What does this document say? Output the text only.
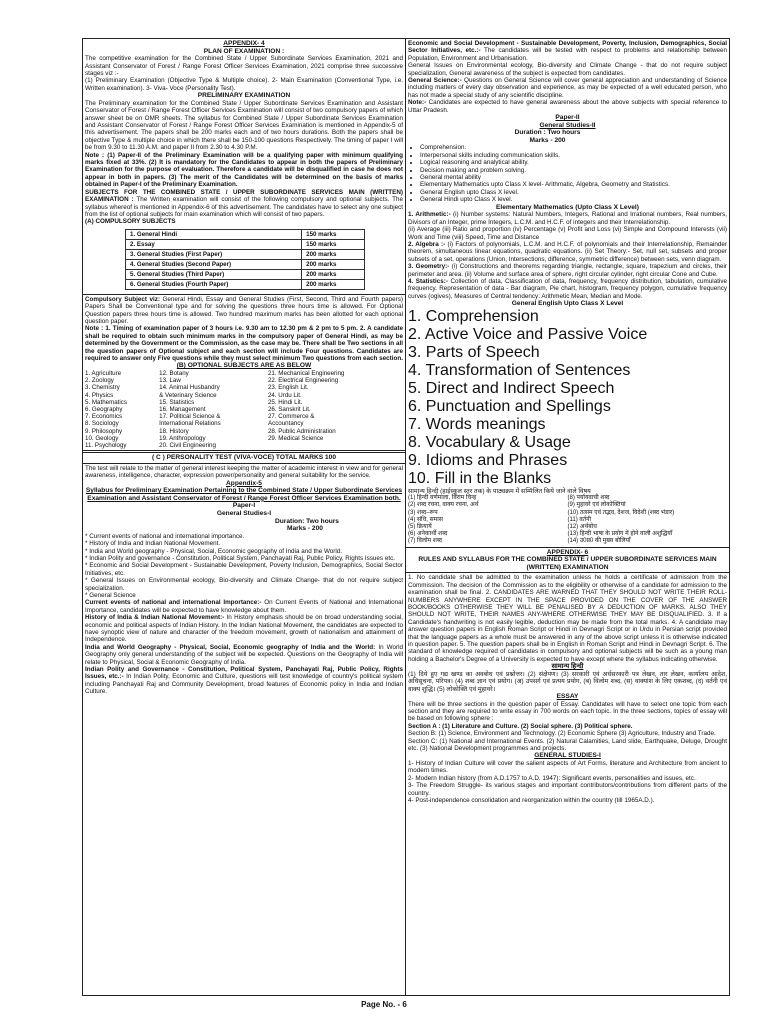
APPENDIX- 4
PLAN OF EXAMINATION :

The competitive examination for the Combined State / Upper Subordinate Services Examination, 2021 and Assistant Conservator of Forest / Range Forest Officer Services Examination, 2021 comprise three successive stages viz :-

(1) Preliminary Examination (Objective Type & Multiple choice). 2- Main Examination (Conventional Type, i.e. Written examination). 3- Viva- Voce (Personality Test).

PRELIMINARY EXAMINATION

The Preliminary examination for the Combined State / Upper Subordinate Services Examination and Assistant Conservator of Forest / Range Forest Officer Services Examination will consist of two compulsory papers of which answer sheet be on OMR sheets. The syllabus for Combined State / Upper Subordinate Services Examination and Assistant Conservator of Forest / Range Forest Officer Services Examination is mentioned in Appendix-5 of this advertisement. The papers shall be 200 marks each and of two hours durations. Both the papers shall be objective Type & multiple choice in which there shall be 150-100 questions Respectively. The timing of paper I will be from 9.30 to 11.30 A.M. and paper II from 2.30 to 4.30 P.M.

Note : (1) Paper-II of the Preliminary Examination will be a qualifying paper with minimum qualifying marks fixed at 33%. (2) It is mandatory for the Candidates to appear in both the papers of Preliminary Examination for the purpose of evaluation. Therefore a candidate will be disqualified in case he does not appear in both in papers. (3) The merit of the Candidates will be determined on the basis of marks obtained in Paper-I of the Preliminary Examination.

SUBJECTS FOR THE COMBINED STATE / UPPER SUBORDINATE SERVICES MAIN (WRITTEN) EXAMINATION : The Written examination will consist of the following compulsory and optional subjects. The syllabus whereof is mentioned in Appendix-6 of this advertisement. The candidates have to select any one subject from the list of optional subjects for main examination which will consist of two papers.

(A) COMPULSORY SUBJECTS

1. General Hindi	150 marks
2. Essay	150 marks
3. General Studies (First Paper)	200 marks
4. General Studies (Second Paper)	200 marks
5. General Studies (Third Paper)	200 marks
6. General Studies (Fourth Paper)	200 marks

Compulsory Subject viz: General Hindi, Essay and General Studies (First, Second, Third and Fourth papers) Papers Shall be Conventional type and for solving the questions three hours time is allowed. For Optional Question papers three hours time is allowed. Two hundred maximum marks has been allotted for each optional question paper.

Note : 1. Timing of examination paper of 3 hours i.e. 9.30 am to 12.30 pm & 2 pm to 5 pm. 2. A candidate shall be required to obtain such minimum marks in the compulsory paper of General Hindi, as may be determined by the Government or the Commission, as the case may be. There shall be Two sections in all the question papers of Optional subject and each section will include Four questions. Candidates are required to answer only Five questions while they must select minimum Two questions from each section.

(B) OPTIONAL SUBJECTS ARE AS BELOW
1. Agriculture	12. Botany	21. Mechanical Engineering
2. Zoology	13. Law	22. Electrical Engineering
3. Chemistry	14. Animal Husbandry	23. English Lit.
4. Physics	& Veterinary Science	24. Urdu Lit.
5. Mathematics	15. Statistics	25. Hindi Lit.
6. Geography	16. Management	26. Sanskrit Lit.
7. Economics	17. Political Science &	27. Commerce &
8. Sociology	International Relations	Accountancy
9. Philosophy	18. History	28. Public Administration
10. Geology	19. Anthropology	29. Medical Science
11. Psychology	20. Civil Engineering	
( C ) PERSONALITY TEST (VIVA-VOCE) TOTAL MARKS 100

The test will relate to the matter of general interest keeping the matter of academic interest in view and for general awareness, intelligence, character, expression power/personality and general suitability for the service.

Appendix-5
Syllabus for Preliminary Examination Pertaining to the Combined State / Upper Subordinate Services Examination and Assistant Conservator of Forest / Range Forest Officer Services Examination both.
Paper-I
General Studies-I
Duration: Two hours
Marks - 200

* Current events of national and international importance.

* History of India and Indian National Movement.

* India and World geography - Physical, Social, Economic geography of India and the World.

* Indian Polity and governance - Constitution, Political System, Panchayati Raj, Public Policy, Rights Issues etc.

* Economic and Social Development - Sustainable Development, Poverty Inclusion, Demographics, Social Sector Initiatives, etc.

* General Issues on Environmental ecology, Bio-diversity and Climate Change- that do not require subject specialization.

* General Science

Current events of national and international Importance:- On Current Events of National and International Importance, candidates will be expected to have knowledge about them.

History of India & Indian National Movement:- In History emphasis should be on broad understanding social, economic and political aspects of Indian History. In the Indian National Movement, the candidates are expected to have synoptic view of nature and character of the freedom movement, growth of nationalism and attainment of Independence.

India and World Geography - Physical, Social, Economic geography of India and the World: In World Geography only general understanding of the subject will be expected. Questions on the Geography of India will relate to Physical, Social & Economic Geography of India.

Indian Polity and Governance - Constitution, Political System, Panchayati Raj, Public Policy, Rights Issues, etc.:- In Indian Polity, Economic and Culture, questions will test knowledge of country's political system including Panchayati Raj and Community Development, broad features of Economic policy in India and Indian Culture.

Economic and Social Development - Sustainable Development, Poverty, Inclusion, Demographics, Social Sector Initiatives, etc.:- The candidates will be tested with respect to problems and relationship between Population, Environment and Urbanisation.

General Issues on Environmental ecology, Bio-diversity and Climate Change - that do not require subject specialization, General awareness of the subject is expected from candidates.

General Science:- Questions on General Science will cover general appreciation and understanding of Science including matters of every day observation and experience, as may be expected of a well educated person, who has not made a special study of any scientific discipline.

Note:- Candidates are expected to have general awareness about the above subjects with special reference to Uttar Pradesh.

Paper-II
General Studies-II
Duration : Two hours
Marks - 200
• Comprehension.
• Interpersonal skills including communication skills.
• Logical reasoning and analytical ability.
• Decision making and problem solving.
• General mental ability
• Elementary Mathematics upto Class X level- Arithmatic, Algebra, Geometry and Statistics.
• General English upto Class X level.
• General Hindi upto Class X level.
Elementary Mathematics (Upto Class X Level)

1. Arithmetic:- (i) Number systems: Natural Numbers, Integers, Rational and Irrational numbers, Real numbers, Divisors of an Integer, prime Integers, L.C.M. and H.C.F. of integers and their Interrelationship.

(ii) Average (iii) Ratio and proportion (iv) Percentage (v) Profit and Loss (vi) Simple and Compound Interests (vii) Work and Time (viii) Speed, Time and Distance

2. Algebra :- (i) Factors of polynomials, L.C.M. and H.C.F. of polynomials and their Interrelationship, Remainder theorem, simultaneous linear equations, quadratic equations. (ii) Set Theory:- Set, null set, subsets and proper subsets of a set, operations (Union, Intersections, difference, symmetric difference) between sets, venn diagram.

3. Geometry:- (i) Constructions and theorems regarding triangle, rectangle, square, trapezium and circles, their perimeter and area. (ii) Volume and surface area of sphere, right circular cylinder, right circular Cone and Cube.

4. Statistics:- Collection of data, Classification of data, frequency, frequency distribution, tabulation, cumulative frequency. Representation of data - Bar diagram, Pie chart, histogram, frequency polygon, cumulative frequency curves (ogives), Measures of Central tendency: Arithmetic Mean, Median and Mode.

General English Upto Class X Level
1. Comprehension
2. Active Voice and Passive Voice
3. Parts of Speech
4. Transformation of Sentences
5. Direct and Indirect Speech
6. Punctuation and Spellings
7. Words meanings
8. Vocabulary & Usage
9. Idioms and Phrases
10. Fill in the Blanks
सामान्य हिन्दी (हाईस्कूल स्तर तक) के पाठ्यक्रम में सम्मिलित किये जाने वाले विषय
(1) हिन्दी वर्णमाला, विराम चिन्ह	(8) पर्यायवाची शब्द
(2) शब्द रचना, वाक्य रचना, अर्थ	(9) मुहावरे एवं लोकोक्तियां
(3) शब्द–रूप	(10) तत्सम एवं तद्भव, देशज, विदेशी (शब्द भंडार)
(4) संधि, समास	(11) वर्तनी
(5) क्रियायें	(12) अर्थबोध
(6) अनेकार्थी शब्द	(13) हिन्दी भाषा के प्रयोग में होने वाली अशुद्धियाँ
(7) विलोम शब्द	(14) उ0प्र0 की मुख्य बोलियाँ
APPENDIX- 6
RULES AND SYLLABUS FOR THE COMBINED STATE / UPPER SUBORDINATE SERVICES MAIN (WRITTEN) EXAMINATION

1. No candidate shall be admitted to the examination unless he holds a certificate of admission from the Commission. The decision of the Commission as to the eligibility or otherwise of a candidate for admission to the examination shall be final. 2. CANDIDATES ARE WARNED THAT THEY SHOULD NOT WRITE THEIR ROLL-NUMBERS ANYWHERE EXCEPT IN THE SPACE PROVIDED ON THE COVER OF THE ANSWER BOOK/BOOKS OTHERWISE THEY WILL BE PENALISED BY A DEDUCTION OF MARKS. ALSO THEY SHOULD NOT WRITE, THEIR NAMES ANY-WHERE OTHERWISE THEY MAY BE DISQUALIFIED. 3. If a Candidate's handwriting is not easily legible, deduction may be made from the total marks. 4. A candidate may answer question papers in English Roman Script or Hindi in Devnagri Script or in Urdu in Persian script provided that the language papers as a whole must be answered in any of the above script unless it is otherwise indicated in question paper. 5. The question papers shall be in English in Roman Script and Hindi in Devnagri Script. 6. The standard of knowledge required of candidates in compulsory and optional subjects will be such as a young man holding a Bachelor's Degree of a University is expected to have except where the syllabus indicating otherwise.

सामान्य हिन्दी

(1) दिये हुए गद्य खण्ड का अवबोध एवं प्रश्नोत्तर। (2) संक्षेपण। (3) सरकारी एवं अर्धसरकारी पत्र लेखन, तार लेखन, कार्यालय आदेश, अधिसूचना, परिपत्र। (4) शब्द ज्ञान एवं प्रयोग। (अ) उपसर्ग एवं प्रत्यय प्रयोग, (ब) विलोम शब्द, (स) वाक्यांश के लिए एकशब्द, (द) वर्तनी एवं वाक्य शुद्धि। (5) लोकोक्ति एवं मुहावरे।

ESSAY

There will be three sections in the question paper of Essay. Candidates will have to select one topic from each section and they are required to write essay in 700 words on each topic. In the three sections, topics of essay will be based on following sphere :

Section A : (1) Literature and Culture. (2) Social sphere. (3) Political sphere.

Section B: (1) Science, Environment and Technology. (2) Economic Sphere (3) Agriculture, Industry and Trade.

Section C: (1) National and International Events. (2) Natural Calamities, Land slide, Earthquake, Deluge, Drought etc. (3) National Development programmes and projects.

GENERAL STUDIES-I

1- History of Indian Culture will cover the salient aspects of Art Forms, literature and Architecture from ancient to modern times.

2- Modern Indian history (from A.D.1757 to A.D. 1947): Significant events, personalities and issues, etc.

3- The Freedom Struggle- its various stages and important contributors/contributions from different parts of the country.

4- Post-independence consolidation and reorganization within the country (till 1965A.D.).

Page No. - 6
